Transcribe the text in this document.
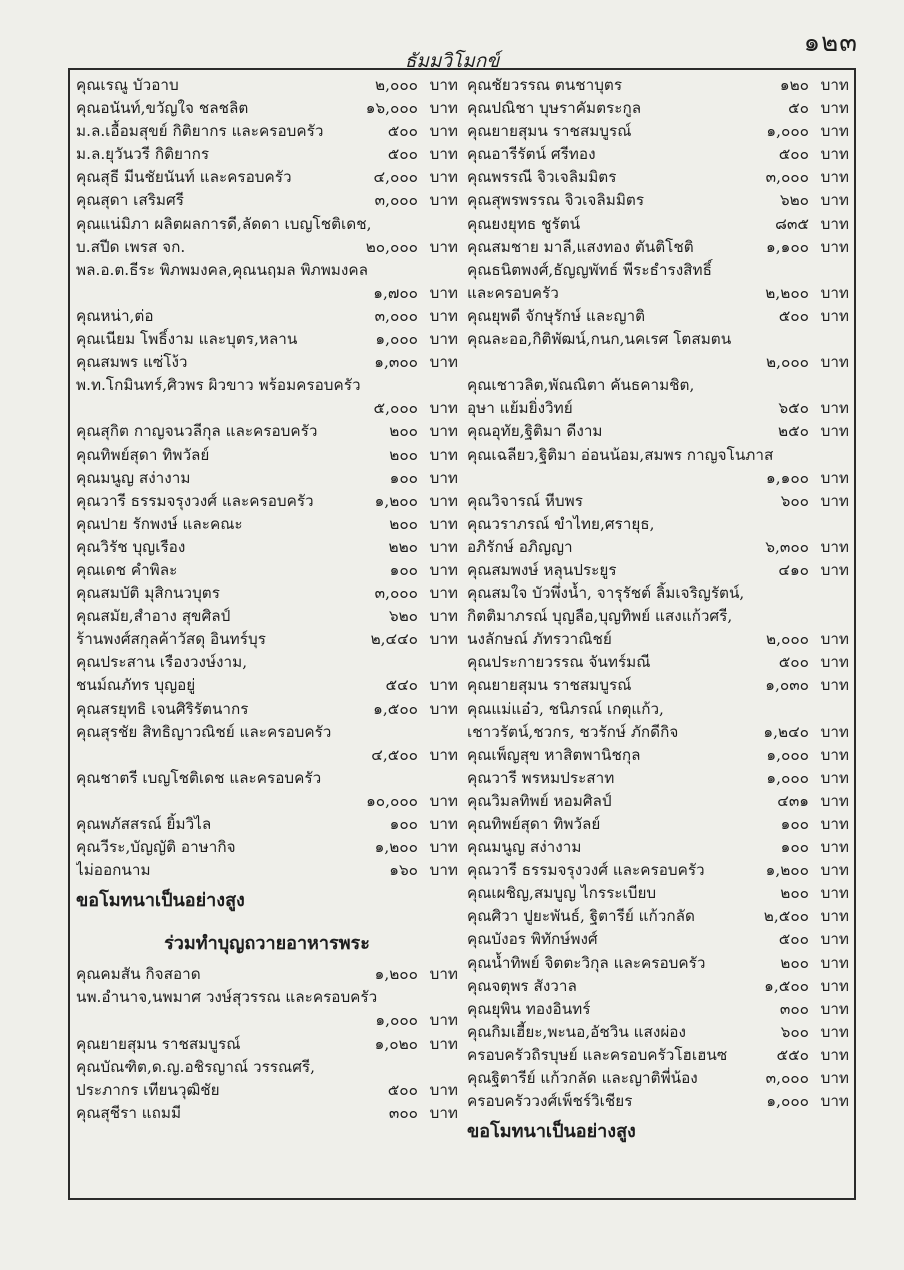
๑๒๓
ธัมมวิโมกข์
คุณเรณู บัวอาบ	๒,๐๐๐ บาท
คุณอนันท์,ขวัญใจ ชลชลิต	๑๖,๐๐๐ บาท
ม.ล.เอื้อมสุขย์ กิติยากร และครอบครัว	๕๐๐ บาท
ม.ล.ยุวันวรี กิติยากร	๕๐๐ บาท
คุณสุธี มีนชัยนันท์ และครอบครัว	๔,๐๐๐ บาท
คุณสุดา เสริมศรี	๓,๐๐๐ บาท
คุณแน่มิภา ผลิตผลการดี,ลัดดา เบญโชติเดช,
บ.สปีด เพรส จก.	๒๐,๐๐๐ บาท
พล.อ.ต.ธีระ พิภพมงคล,คุณนฤมล พิภพมงคล
๑,๗๐๐ บาท
คุณหน่า,ต่อ	๓,๐๐๐ บาท
คุณเนียม โพธิ์งาม และบุตร,หลาน	๑,๐๐๐ บาท
คุณสมพร แซ่โง้ว	๑,๓๐๐ บาท
พ.ท.โกมินทร์,ศิวพร ผิวขาว พร้อมครอบครัว
๕,๐๐๐ บาท
คุณสุกิต กาญจนวลีกุล และครอบครัว	๒๐๐ บาท
คุณทิพย์สุดา ทิพวัลย์	๒๐๐ บาท
คุณมนูญ สง่างาม	๑๐๐ บาท
คุณวารี ธรรมจรุงวงศ์ และครอบครัว	๑,๒๐๐ บาท
คุณปาย รักพงษ์ และคณะ	๒๐๐ บาท
คุณวิรัช บุญเรือง	๒๒๐ บาท
คุณเดช คำพิละ	๑๐๐ บาท
คุณสมบัติ มุสิกนวบุตร	๓,๐๐๐ บาท
คุณสมัย,สำอาง สุขศิลป์	๖๒๐ บาท
ร้านพงศ์สกุลค้าวัสดุ อินทร์บุร	๒,๔๔๐ บาท
คุณประสาน เรืองวงษ์งาม,
ชนม์ณภัทร บุญอยู่	๕๔๐ บาท
คุณสรยุทธิ เจนศิริรัตนากร	๑,๕๐๐ บาท
คุณสุรชัย สิทธิญาวณิชย์ และครอบครัว
๔,๕๐๐ บาท
คุณชาตรี เบญโชติเดช และครอบครัว
๑๐,๐๐๐ บาท
คุณพภัสสรณ์ ยิ้มวิไล	๑๐๐ บาท
คุณวีระ,บัญญัติ อาษากิจ	๑,๒๐๐ บาท
ไม่ออกนาม	๑๖๐ บาท
ขอโมทนาเป็นอย่างสูง
ร่วมทำบุญถวายอาหารพระ
คุณคมสัน กิจสอาด	๑,๒๐๐ บาท
นพ.อำนาจ,นพมาศ วงษ์สุวรรณ และครอบครัว
๑,๐๐๐ บาท
คุณยายสุมน ราชสมบูรณ์	๑,๐๒๐ บาท
คุณบัณฑิต,ด.ญ.อชิรญาณ์ วรรณศรี,
ประภากร เทียนวุฒิชัย	๕๐๐ บาท
คุณสุชีรา แถมมี	๓๐๐ บาท
คุณชัยวรรณ ตนชาบุตร	๑๒๐ บาท
คุณปณิชา บุษราคัมตระกูล	๕๐ บาท
คุณยายสุมน ราชสมบูรณ์	๑,๐๐๐ บาท
คุณอารีรัตน์ ศรีทอง	๕๐๐ บาท
คุณพรรณี จิวเจลิมมิตร	๓,๐๐๐ บาท
คุณสุพรพรรณ จิวเจลิมมิตร	๖๒๐ บาท
คุณยงยุทธ ชูรัตน์	๘๓๕ บาท
คุณสมชาย มาลี,แสงทอง ตันติโชติ	๑,๑๐๐ บาท
คุณธนิตพงศ์,ธัญญพัทธ์ พีระธำรงสิทธิ์
และครอบครัว	๒,๒๐๐ บาท
คุณยุพดี จักษุรักษ์ และญาติ	๕๐๐ บาท
คุณละออ,กิติพัฒน์,กนก,นคเรศ โตสมตน
๒,๐๐๐ บาท
คุณเชาวลิต,พัณณิตา คันธคามชิต,
อุษา แย้มยิ่งวิทย์	๖๕๐ บาท
คุณอุทัย,ฐิติมา ดีงาม	๒๕๐ บาท
คุณเฉลียว,ฐิติมา อ่อนน้อม,สมพร กาญจโนภาส
๑,๑๐๐ บาท
คุณวิจารณ์ หีบพร	๖๐๐ บาท
คุณวราภรณ์ ขำไทย,ศรายุธ,
อภิรักษ์ อภิญญา	๖,๓๐๐ บาท
คุณสมพงษ์ หลุนประยูร	๔๑๐ บาท
คุณสมใจ บัวพึ่งน้ำ, จารุรัชต์ ลิ้มเจริญรัตน์,
กิตติมาภรณ์ บุญลือ,บุญทิพย์ แสงแก้วศรี,
นงลักษณ์ ภัทรวาณิชย์	๒,๐๐๐ บาท
คุณประกายวรรณ จันทร์มณี	๕๐๐ บาท
คุณยายสุมน ราชสมบูรณ์	๑,๐๓๐ บาท
คุณแม่แอ๋ว, ชนิภรณ์ เกตุแก้ว,
เชาวรัตน์,ชวกร, ชวรักษ์ ภักดีกิจ	๑,๒๔๐ บาท
คุณเพ็ญสุข หาสิตพานิชกุล	๑,๐๐๐ บาท
คุณวารี พรหมประสาท	๑,๐๐๐ บาท
คุณวิมลทิพย์ หอมศิลป์	๔๓๑ บาท
คุณทิพย์สุดา ทิพวัลย์	๑๐๐ บาท
คุณมนูญ สง่างาม	๑๐๐ บาท
คุณวารี ธรรมจรุงวงศ์ และครอบครัว	๑,๒๐๐ บาท
คุณเผชิญ,สมบูญ ไกรระเบียบ	๒๐๐ บาท
คุณศิวา ปูยะพันธ์, ฐิตารีย์ แก้วกลัด	๒,๕๐๐ บาท
คุณบังอร พิทักษ์พงศ์	๕๐๐ บาท
คุณน้ำทิพย์ จิตตะวิกุล และครอบครัว	๒๐๐ บาท
คุณจตุพร สังวาล	๑,๕๐๐ บาท
คุณยุพิน ทองอินทร์	๓๐๐ บาท
คุณกิมเฮี้ยะ,พะนอ,อัชวิน แสงผ่อง	๖๐๐ บาท
ครอบครัวถิรบุษย์ และครอบครัวโฮเฮนซ	๕๕๐ บาท
คุณฐิตารีย์ แก้วกลัด และญาติพี่น้อง	๓,๐๐๐ บาท
ครอบครัววงศ์เพ็ชร์วิเชียร	๑,๐๐๐ บาท
ขอโมทนาเป็นอย่างสูง
